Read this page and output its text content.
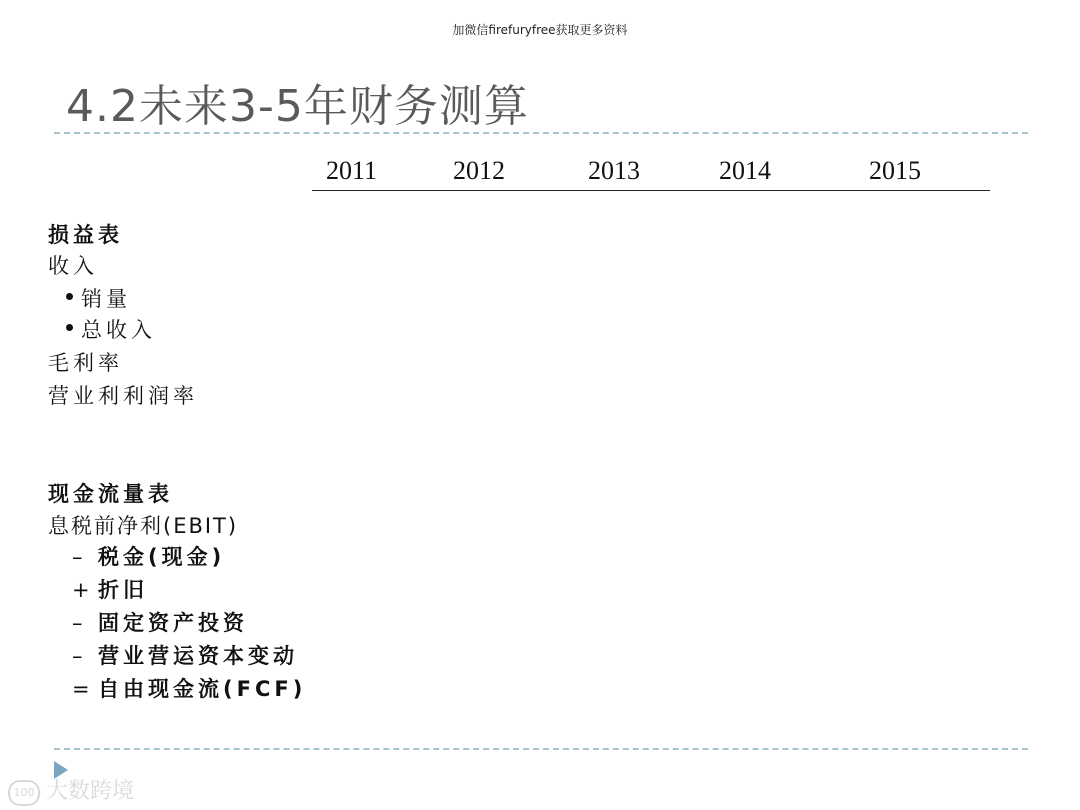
加微信firefuryfree获取更多资料
4.2未来3-5年财务测算
2011	2012	2013	2014	2015
损益表
收入
销量
总收入
毛利率
营业利利润率
现金流量表
息税前净利(EBIT)
– 税金(现金)
+ 折旧
– 固定资产投资
– 营业营运资本变动
= 自由现金流(FCF)
100 大数跨境
